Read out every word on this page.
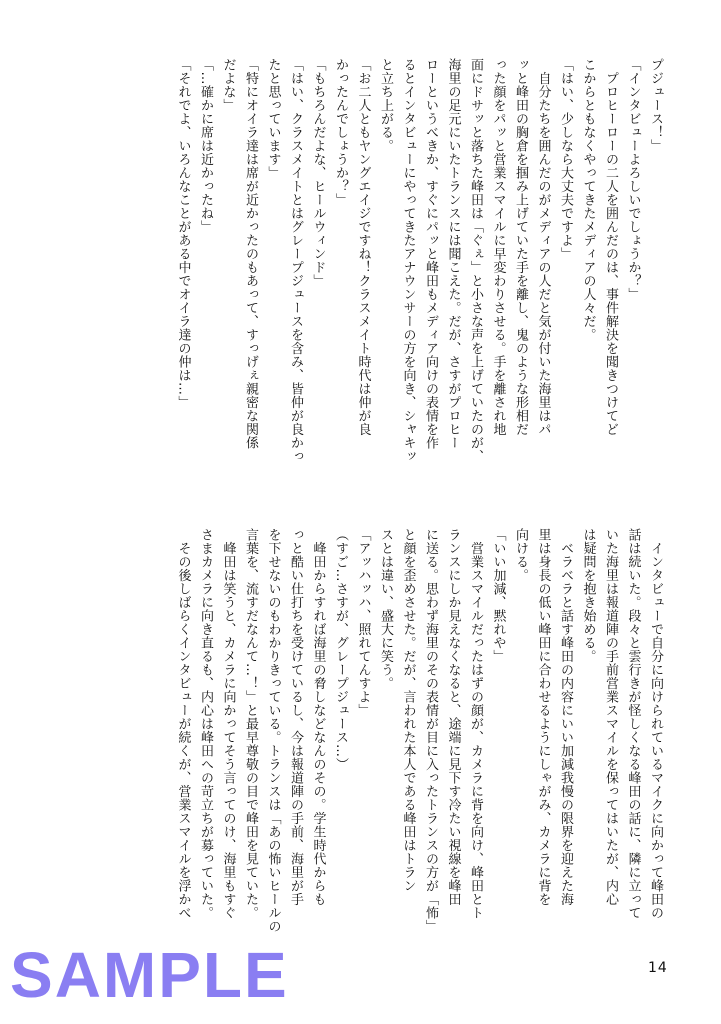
プジュース！」

「インタビューよろしいでしょうか？」

　プロヒーローの二人を囲んだのは、事件解決を聞きつけてど

こからともなくやってきたメディアの人々だ。

「はい、少しなら大丈夫ですよ」

　自分たちを囲んだのがメディアの人だと気が付いた海里はパ

ッと峰田の胸倉を掴み上げていた手を離し、鬼のような形相だ

った顔をパッと営業スマイルに早変わりさせる。手を離され地

面にドサッと落ちた峰田は「ぐぇ」と小さな声を上げていたのが、

海里の足元にいたトランスには聞こえた。だが、さすがプロヒー

ローというべきか、すぐにパッと峰田もメディア向けの表情を作

るとインタビューにやってきたアナウンサーの方を向き、シャキッ

と立ち上がる。

「お二人ともヤングエイジですね！クラスメイト時代は仲が良

かったんでしょうか？」

「もちろんだよな、ヒールウィンド」

「はい、クラスメイトとはグレープジュースを含み、皆仲が良かっ

たと思っています」

「特にオイラ達は席が近かったのもあって、すっげぇ親密な関係

だよな」

「…確かに席は近かったね」

「それでよ、いろんなことがある中でオイラ達の仲は…」

　インタビューで自分に向けられているマイクに向かって峰田の

話は続いた。段々と雲行きが怪しくなる峰田の話に、隣に立って

いた海里は報道陣の手前営業スマイルを保ってはいたが、内心

は疑問を抱き始める。

　ベラベラと話す峰田の内容にいい加減我慢の限界を迎えた海

里は身長の低い峰田に合わせるようにしゃがみ、カメラに背を

向ける。

「いい加減、黙れや」

　営業スマイルだったはずの顔が、カメラに背を向け、峰田とト

ランスにしか見えなくなると、途端に見下す冷たい視線を峰田

に送る。思わず海里のその表情が目に入ったトランスの方が「怖」

と顔を歪めさせた。だが、言われた本人である峰田はトラン

スとは違い、盛大に笑う。

「アッハッハ、照れてんすよ」

（すご…さすが、グレープジュース…）

　峰田からすれば海里の脅しなどなんのその。学生時代からも

っと酷い仕打ちを受けているし、今は報道陣の手前、海里が手

を下せないのもわかりきっている。トランスは「あの怖いヒールの

言葉を、流すだなんて…！」と最早尊敬の目で峰田を見ていた。

　峰田は笑うと、カメラに向かってそう言ってのけ、海里もすぐ

さまカメラに向き直るも、内心は峰田への苛立ちが募っていた。

　その後しばらくインタビューが続くが、営業スマイルを浮かべ

14
SAMPLE
